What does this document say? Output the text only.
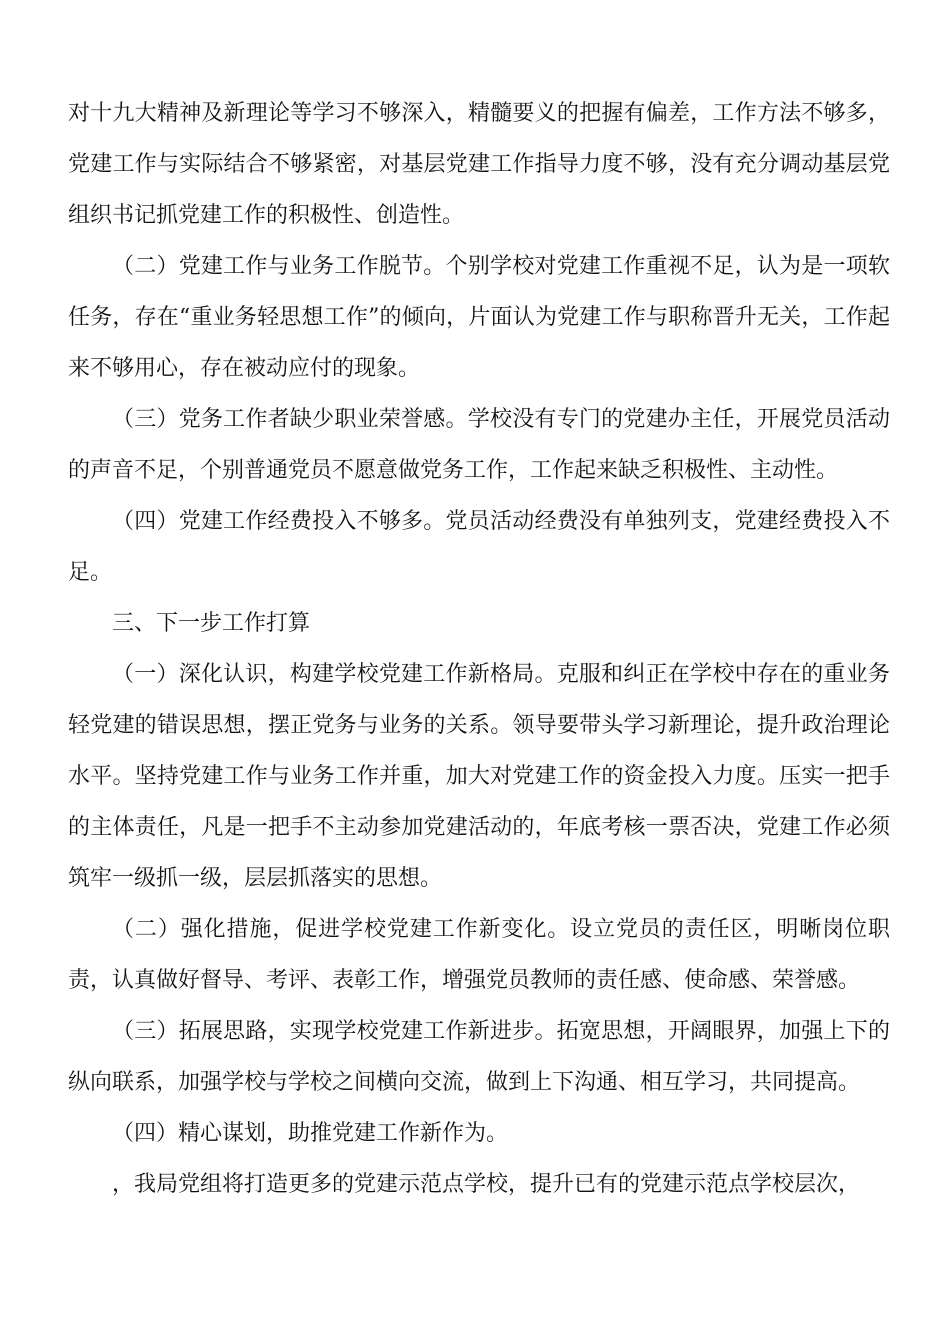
对十九大精神及新理论等学习不够深入，精髓要义的把握有偏差，工作方法不够多，党建工作与实际结合不够紧密，对基层党建工作指导力度不够，没有充分调动基层党组织书记抓党建工作的积极性、创造性。

（二）党建工作与业务工作脱节。个别学校对党建工作重视不足，认为是一项软任务，存在“重业务轻思想工作”的倾向，片面认为党建工作与职称晋升无关，工作起来不够用心，存在被动应付的现象。

（三）党务工作者缺少职业荣誉感。学校没有专门的党建办主任，开展党员活动的声音不足，个别普通党员不愿意做党务工作，工作起来缺乏积极性、主动性。

（四）党建工作经费投入不够多。党员活动经费没有单独列支，党建经费投入不足。

三、下一步工作打算

（一）深化认识，构建学校党建工作新格局。克服和纠正在学校中存在的重业务轻党建的错误思想，摆正党务与业务的关系。领导要带头学习新理论，提升政治理论水平。坚持党建工作与业务工作并重，加大对党建工作的资金投入力度。压实一把手的主体责任，凡是一把手不主动参加党建活动的，年底考核一票否决，党建工作必须筑牢一级抓一级，层层抓落实的思想。

（二）强化措施，促进学校党建工作新变化。设立党员的责任区，明晰岗位职责，认真做好督导、考评、表彰工作，增强党员教师的责任感、使命感、荣誉感。

（三）拓展思路，实现学校党建工作新进步。拓宽思想，开阔眼界，加强上下的纵向联系，加强学校与学校之间横向交流，做到上下沟通、相互学习，共同提高。

（四）精心谋划，助推党建工作新作为。

，我局党组将打造更多的党建示范点学校，提升已有的党建示范点学校层次，
